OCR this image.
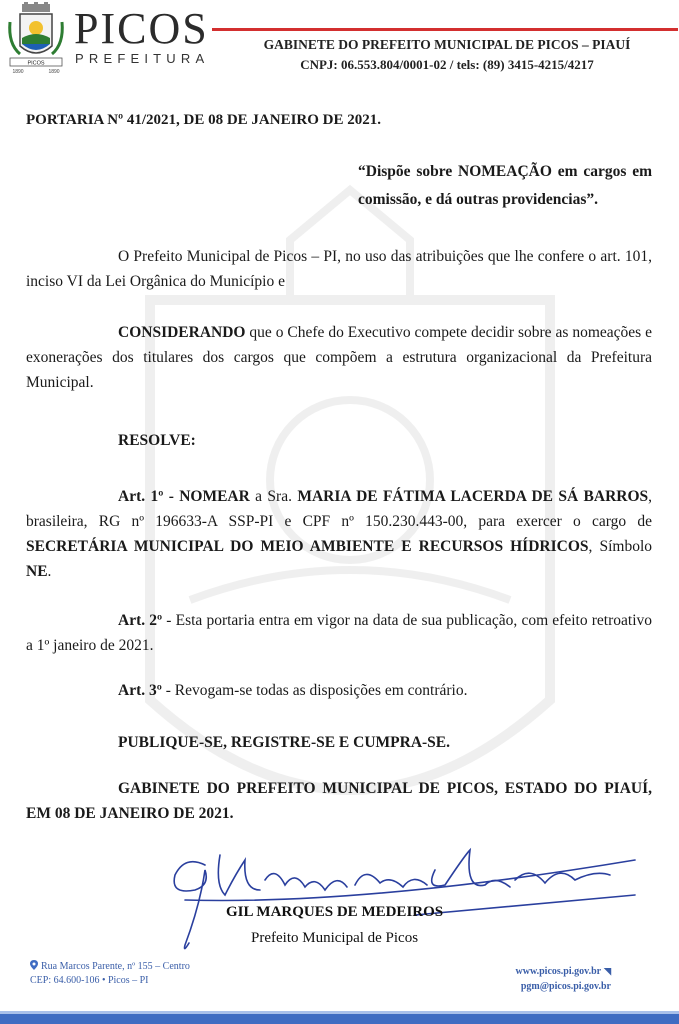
PICOS
1890	1890
PICOS
PREFEITURA
GABINETE DO PREFEITO MUNICIPAL DE PICOS – PIAUÍ
CNPJ: 06.553.804/0001-02 / tels: (89) 3415-4215/4217
PORTARIA Nº 41/2021, DE 08 DE JANEIRO DE 2021.
“Dispõe sobre NOMEAÇÃO em cargos em comissão, e dá outras providencias”.
O Prefeito Municipal de Picos – PI, no uso das atribuições que lhe confere o art. 101, inciso VI da Lei Orgânica do Município e
CONSIDERANDO que o Chefe do Executivo compete decidir sobre as nomeações e exonerações dos titulares dos cargos que compõem a estrutura organizacional da Prefeitura Municipal.
RESOLVE:
Art. 1º - NOMEAR a Sra. MARIA DE FÁTIMA LACERDA DE SÁ BARROS, brasileira, RG nº 196633-A SSP-PI e CPF nº 150.230.443-00, para exercer o cargo de SECRETÁRIA MUNICIPAL DO MEIO AMBIENTE E RECURSOS HÍDRICOS, Símbolo NE.
Art. 2º - Esta portaria entra em vigor na data de sua publicação, com efeito retroativo a 1º janeiro de 2021.
Art. 3º - Revogam-se todas as disposições em contrário.
PUBLIQUE-SE, REGISTRE-SE E CUMPRA-SE.
GABINETE DO PREFEITO MUNICIPAL DE PICOS, ESTADO DO PIAUÍ, EM 08 DE JANEIRO DE 2021.
GIL MARQUES DE MEDEIROS
Prefeito Municipal de Picos
Rua Marcos Parente, nº 155 – Centro
CEP: 64.600-106 • Picos – PI
www.picos.pi.gov.br ◥
pgm@picos.pi.gov.br
